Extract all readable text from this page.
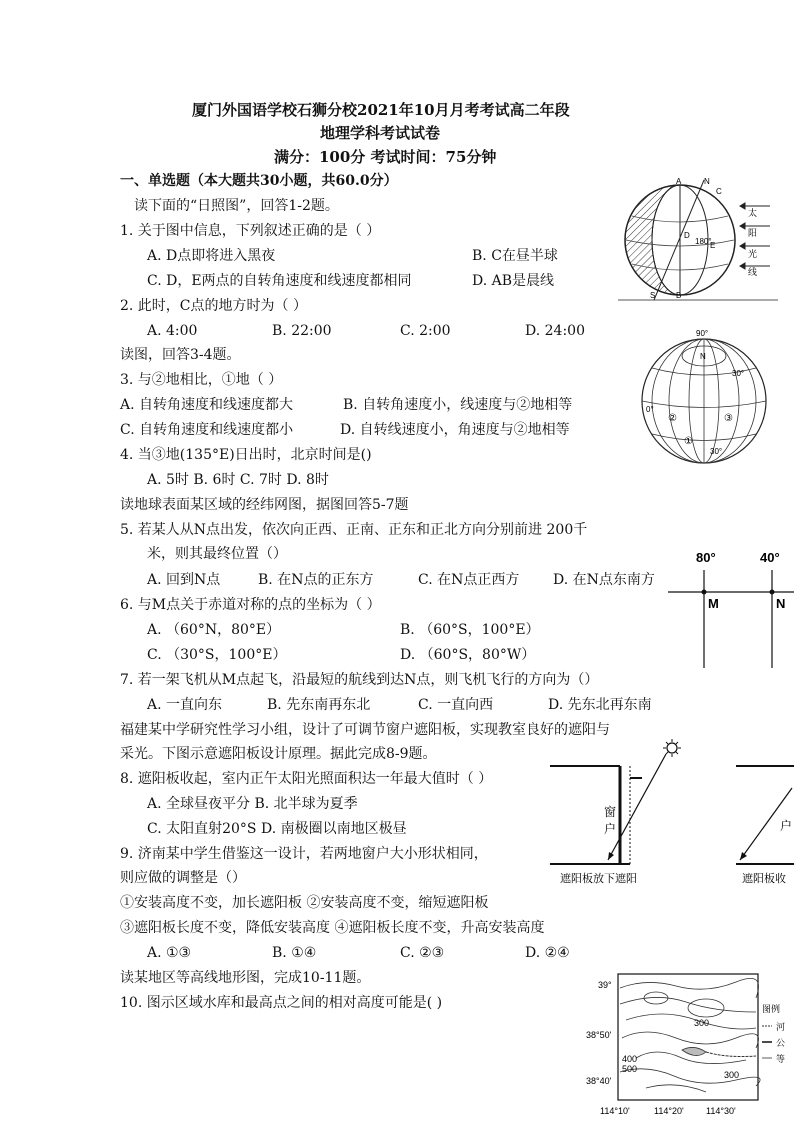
厦门外国语学校石狮分校2021年10月月考考试高二年段
地理学科考试试卷
满分：100分 考试时间：75分钟
一、单选题（本大题共30小题，共60.0分）
读下面的“日照图”，回答1-2题。
1. 关于图中信息，下列叙述正确的是（ ）
A. D点即将进入黑夜	B. C在昼半球
C. D，E两点的自转角速度和线速度都相同	D. AB是晨线
2. 此时，C点的地方时为（ ）
A. 4:00	B. 22:00	C. 2:00	D. 24:00
读图，回答3-4题。
3. 与②地相比，①地（ ）
A. 自转角速度和线速度都大	B. 自转角速度小，线速度与②地相等
C. 自转角速度和线速度都小	D. 自转线速度小，角速度与②地相等
4. 当③地(135°E)日出时，北京时间是()
A. 5时 B. 6时 C. 7时 D. 8时
读地球表面某区域的经纬网图，据图回答5-7题
5. 若某人从N点出发，依次向正西、正南、正东和正北方向分别前进 200千
米，则其最终位置（）
A. 回到N点	B. 在N点的正东方	C. 在N点正西方 D. 在N点东南方
6. 与M点关于赤道对称的点的坐标为（ ）
A. （60°N，80°E）	B. （60°S，100°E）
C. （30°S，100°E）	D. （60°S，80°W）
7. 若一架飞机从M点起飞，沿最短的航线到达N点，则飞机飞行的方向为（）
A. 一直向东	B. 先东南再东北	C. 一直向西	D. 先东北再东南
福建某中学研究性学习小组，设计了可调节窗户遮阳板，实现教室良好的遮阳与
采光。下图示意遮阳板设计原理。据此完成8-9题。
8. 遮阳板收起，室内正午太阳光照面积达一年最大值时（ ）
A. 全球昼夜平分 B. 北半球为夏季
C. 太阳直射20°S D. 南极圈以南地区极昼
9. 济南某中学生借鉴这一设计，若两地窗户大小形状相同，
则应做的调整是（）
①安装高度不变，加长遮阳板 ②安装高度不变，缩短遮阳板
③遮阳板长度不变，降低安装高度 ④遮阳板长度不变，升高安装高度
A. ①③	B. ①④	C. ②③	D. ②④
读某地区等高线地形图，完成10-11题。
10. 图示区域水库和最高点之间的相对高度可能是( )
A	N
C
D
180°
E
S	B
太
阳
光
线
90°
N
30°
0°
②	③
①
30°
80°	40°
M	N
窗
户
遮阳板放下遮阳
户
遮阳板收
39°
38°50'
38°40'
114°10'	114°20' 114°30'
300
300
400
500
图例
河
公
等
